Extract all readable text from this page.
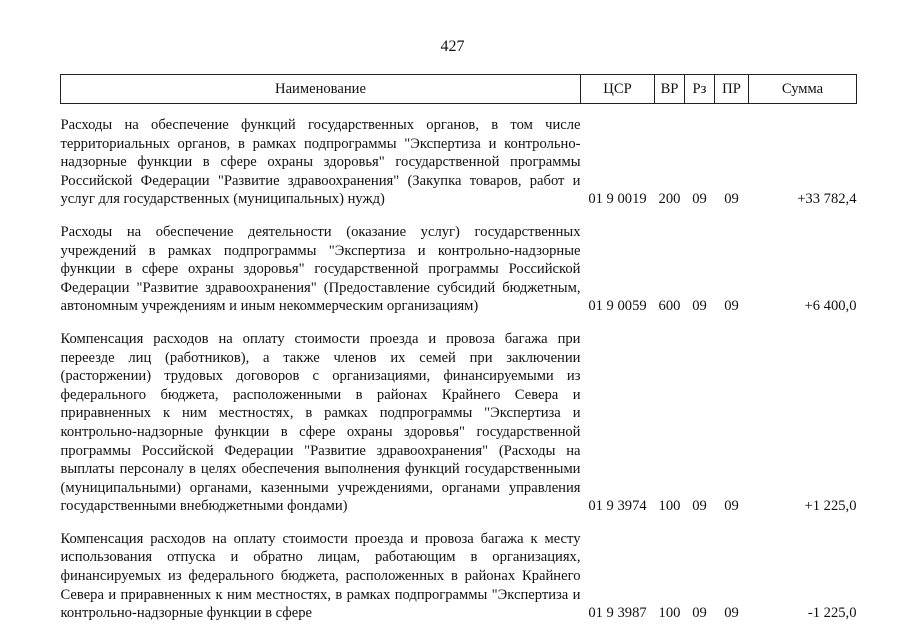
427
Наименование	ЦСР	ВР	Рз	ПР	Сумма

Расходы на обеспечение функций государственных органов, в том числе территориальных органов, в рамках подпрограммы "Экспертиза и контрольно-надзорные функции в сфере охраны здоровья" государственной программы Российской Федерации "Развитие здравоохранения" (Закупка товаров, работ и услуг для государственных (муниципальных) нужд)	01 9 0019	200	09	09	+33 782,4

Расходы на обеспечение деятельности (оказание услуг) государственных учреждений в рамках подпрограммы "Экспертиза и контрольно-надзорные функции в сфере охраны здоровья" государственной программы Российской Федерации "Развитие здравоохранения" (Предоставление субсидий бюджетным, автономным учреждениям и иным некоммерческим организациям)	01 9 0059	600	09	09	+6 400,0

Компенсация расходов на оплату стоимости проезда и провоза багажа при переезде лиц (работников), а также членов их семей при заключении (расторжении) трудовых договоров с организациями, финансируемыми из федерального бюджета, расположенными в районах Крайнего Севера и приравненных к ним местностях, в рамках подпрограммы "Экспертиза и контрольно-надзорные функции в сфере охраны здоровья" государственной программы Российской Федерации "Развитие здравоохранения" (Расходы на выплаты персоналу в целях обеспечения выполнения функций государственными (муниципальными) органами, казенными учреждениями, органами управления государственными внебюджетными фондами)	01 9 3974	100	09	09	+1 225,0

Компенсация расходов на оплату стоимости проезда и провоза багажа к месту использования отпуска и обратно лицам, работающим в организациях, финансируемых из федерального бюджета, расположенных в районах Крайнего Севера и приравненных к ним местностях, в рамках подпрограммы "Экспертиза и контрольно-надзорные функции в сфере	01 9 3987	100	09	09	-1 225,0
